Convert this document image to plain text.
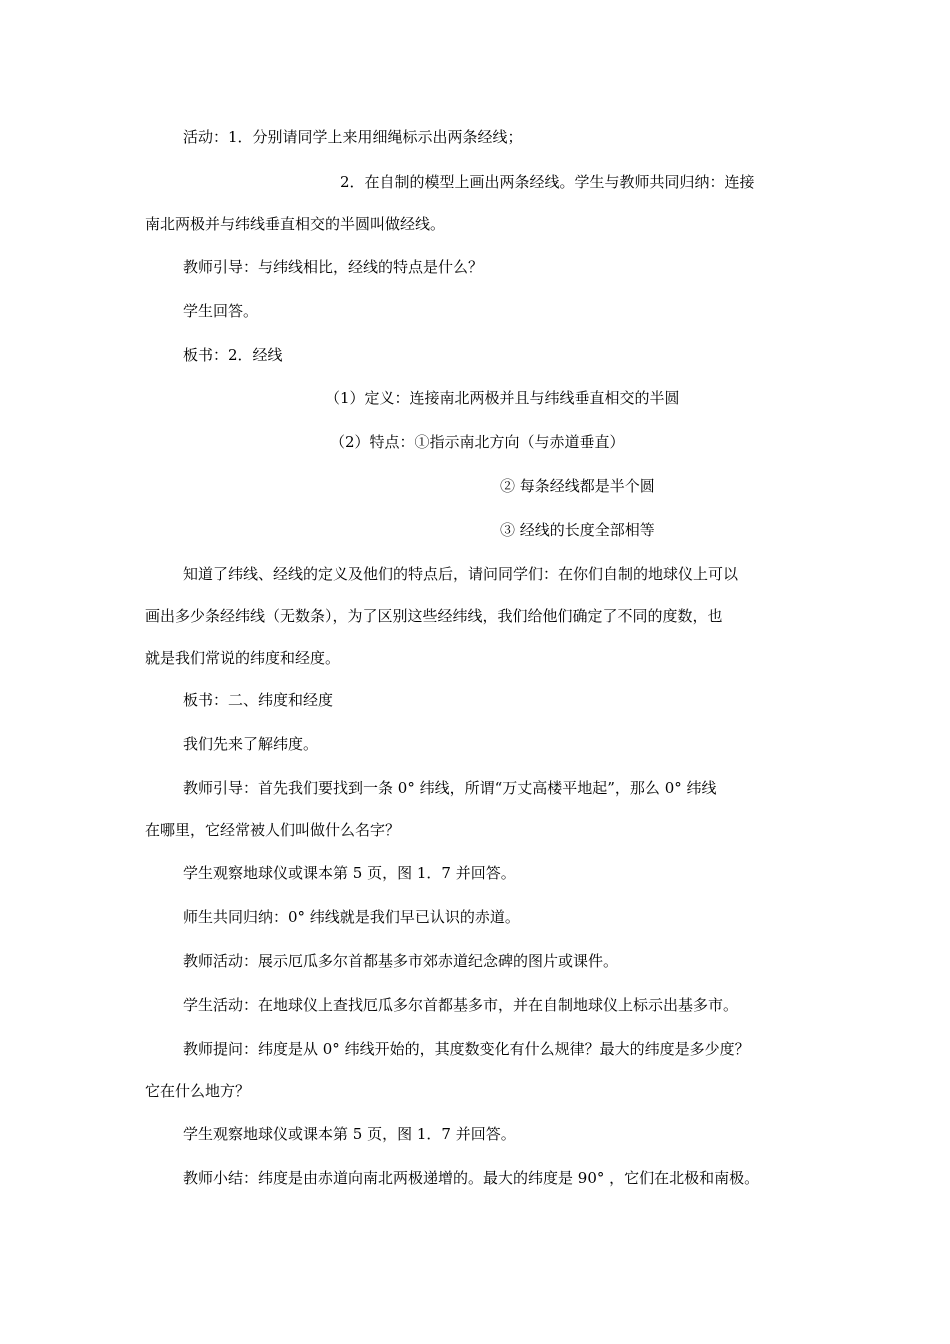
活动：1．分别请同学上来用细绳标示出两条经线；
2．在自制的模型上画出两条经线。学生与教师共同归纳：连接
南北两极并与纬线垂直相交的半圆叫做经线。
教师引导：与纬线相比，经线的特点是什么？
学生回答。
板书：2．经线
（1）定义：连接南北两极并且与纬线垂直相交的半圆
（2）特点：①指示南北方向（与赤道垂直）
② 每条经线都是半个圆
③ 经线的长度全部相等
知道了纬线、经线的定义及他们的特点后，请问同学们：在你们自制的地球仪上可以
画出多少条经纬线（无数条），为了区别这些经纬线，我们给他们确定了不同的度数，也
就是我们常说的纬度和经度。
板书：二、纬度和经度
我们先来了解纬度。
教师引导：首先我们要找到一条 0° 纬线，所谓“万丈高楼平地起”，那么 0° 纬线
在哪里，它经常被人们叫做什么名字？
学生观察地球仪或课本第 5 页，图 1．7 并回答。
师生共同归纳：0° 纬线就是我们早已认识的赤道。
教师活动：展示厄瓜多尔首都基多市郊赤道纪念碑的图片或课件。
学生活动：在地球仪上查找厄瓜多尔首都基多市，并在自制地球仪上标示出基多市。
教师提问：纬度是从 0° 纬线开始的，其度数变化有什么规律？最大的纬度是多少度？
它在什么地方？
学生观察地球仪或课本第 5 页，图 1．7 并回答。
教师小结：纬度是由赤道向南北两极递增的。最大的纬度是 90° ，它们在北极和南极。
